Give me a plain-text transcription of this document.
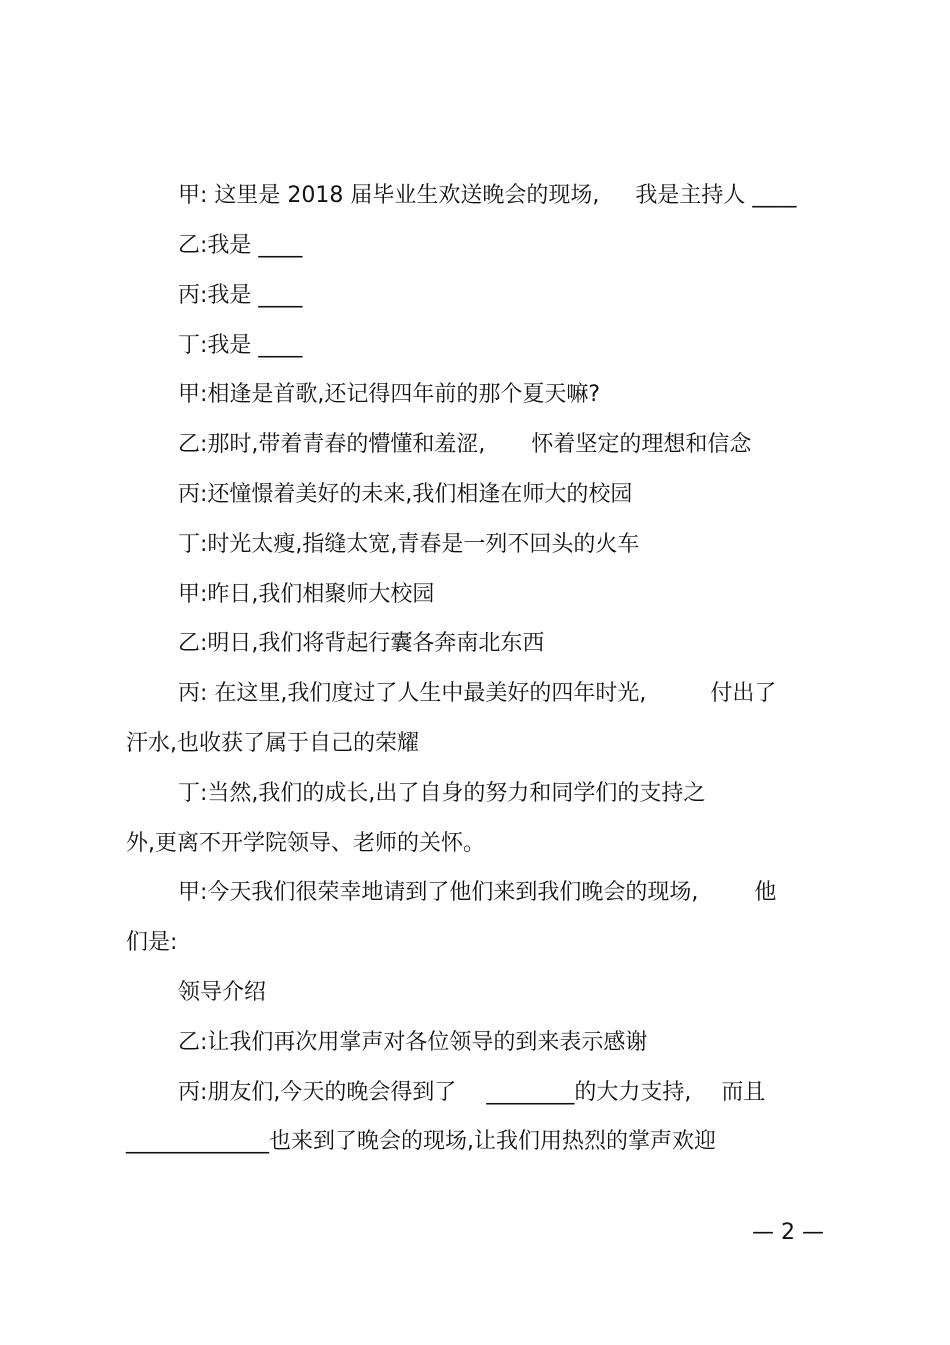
甲: 这里是 2018 届毕业生欢送晚会的现场, 我是主持人 ____
乙:我是 ____
丙:我是 ____
丁:我是 ____
甲:相逢是首歌,还记得四年前的那个夏天嘛?
乙:那时,带着青春的懵懂和羞涩, 怀着坚定的理想和信念
丙:还憧憬着美好的未来,我们相逢在师大的校园
丁:时光太瘦,指缝太宽,青春是一列不回头的火车
甲:昨日,我们相聚师大校园
乙:明日,我们将背起行囊各奔南北东西
丙: 在这里,我们度过了人生中最美好的四年时光,	付出了
汗水,也收获了属于自己的荣耀
丁:当然,我们的成长,出了自身的努力和同学们的支持之
外,更离不开学院领导、老师的关怀。
甲:今天我们很荣幸地请到了他们来到我们晚会的现场,	他
们是:
领导介绍
乙:让我们再次用掌声对各位领导的到来表示感谢
丙:朋友们,今天的晚会得到了 ________的大力支持, 而且
_____________也来到了晚会的现场,让我们用热烈的掌声欢迎
— 2 —
